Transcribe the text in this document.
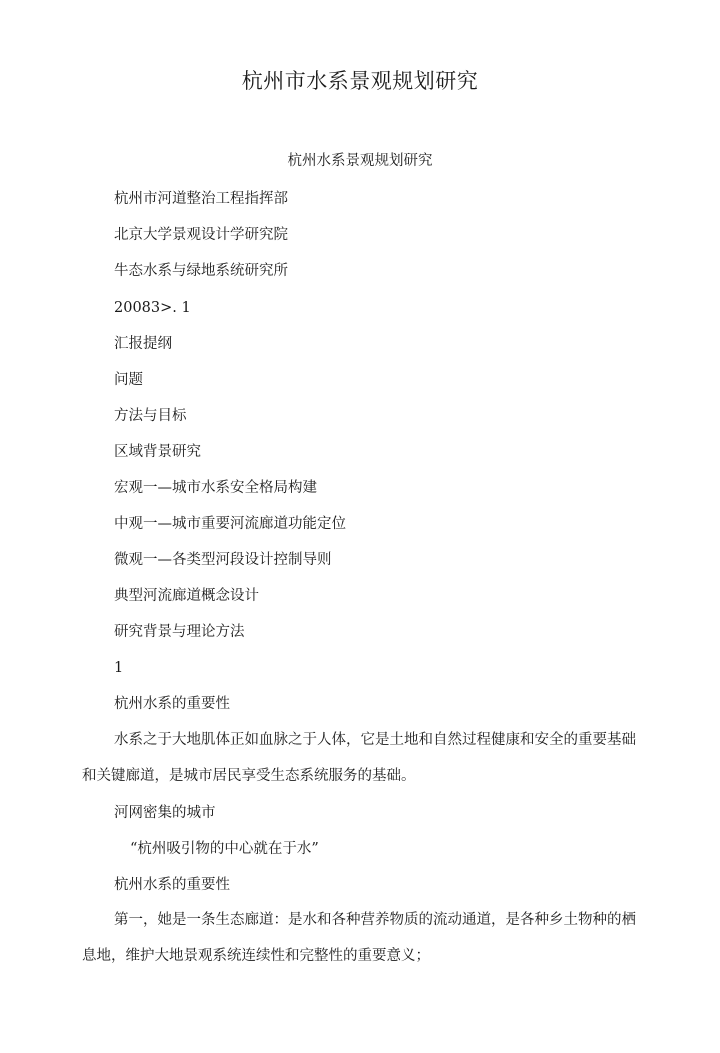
杭州市水系景观规划研究
杭州水系景观规划研究
杭州市河道整治工程指挥部
北京大学景观设计学研究院
牛态水系与绿地系统研究所
20083>. 1
汇报提纲
问题
方法与目标
区域背景研究
宏观一—城市水系安全格局构建
中观一—城市重要河流廊道功能定位
微观一—各类型河段设计控制导则
典型河流廊道概念设计
研究背景与理论方法
1
杭州水系的重要性
水系之于大地肌体正如血脉之于人体，它是土地和自然过程健康和安全的重要基础和关键廊道，是城市居民享受生态系统服务的基础。
河网密集的城市
“杭州吸引物的中心就在于水”
杭州水系的重要性
第一，她是一条生态廊道：是水和各种营养物质的流动通道，是各种乡土物种的栖息地，维护大地景观系统连续性和完整性的重要意义；
